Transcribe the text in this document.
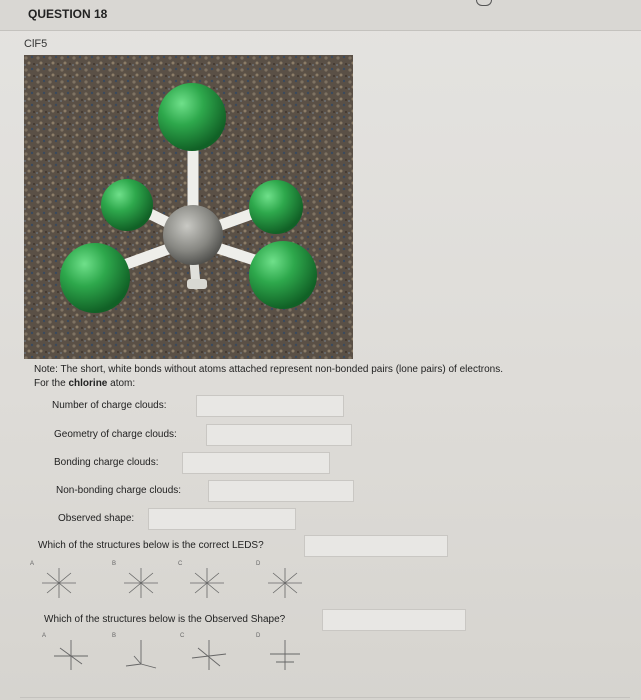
QUESTION 18
ClF5
Note: The short, white bonds without atoms attached represent non-bonded pairs (lone pairs) of electrons.
For the chlorine atom:
Number of charge clouds:
Geometry of charge clouds:
Bonding charge clouds:
Non-bonding charge clouds:
Observed shape:
Which of the structures below is the correct LEDS?
A	B	C	D
Which of the structures below is the Observed Shape?
A	B	C	D
